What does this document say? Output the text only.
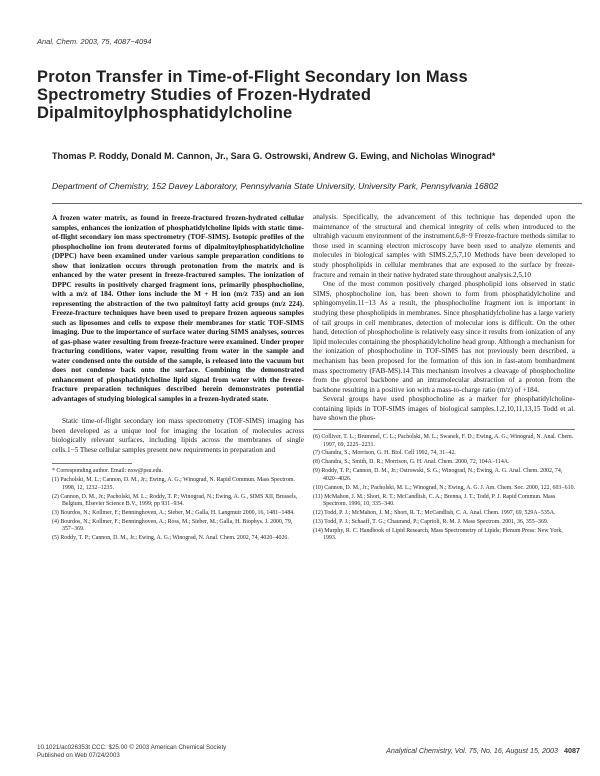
Anal. Chem. 2003, 75, 4087−4094
Proton Transfer in Time-of-Flight Secondary Ion Mass Spectrometry Studies of Frozen-Hydrated Dipalmitoylphosphatidylcholine
Thomas P. Roddy, Donald M. Cannon, Jr., Sara G. Ostrowski, Andrew G. Ewing, and Nicholas Winograd*
Department of Chemistry, 152 Davey Laboratory, Pennsylvania State University, University Park, Pennsylvania 16802

A frozen water matrix, as found in freeze-fractured frozen-hydrated cellular samples, enhances the ionization of phosphatidylcholine lipids with static time-of-flight secondary ion mass spectrometry (TOF-SIMS). Isotopic profiles of the phosphocholine ion from deuterated forms of dipalmitoylphosphatidylcholine (DPPC) have been examined under various sample preparation conditions to show that ionization occurs through protonation from the matrix and is enhanced by the water present in freeze-fractured samples. The ionization of DPPC results in positively charged fragment ions, primarily phosphocholine, with a m/z of 184. Other ions include the M + H ion (m/z 735) and an ion representing the abstraction of the two palmitoyl fatty acid groups (m/z 224). Freeze-fracture techniques have been used to prepare frozen aqueous samples such as liposomes and cells to expose their membranes for static TOF-SIMS imaging. Due to the importance of surface water during SIMS analyses, sources of gas-phase water resulting from freeze-fracture were examined. Under proper fracturing conditions, water vapor, resulting from water in the sample and water condensed onto the outside of the sample, is released into the vacuum but does not condense back onto the surface. Combining the demonstrated enhancement of phosphatidylcholine lipid signal from water with the freeze-fracture preparation techniques described herein demonstrates potential advantages of studying biological samples in a frozen-hydrated state.

Static time-of-flight secondary ion mass spectrometry (TOF-SIMS) imaging has been developed as a unique tool for imaging the location of molecules across biologically relevant surfaces, including lipids across the membranes of single cells.1−5 These cellular samples present new requirements in preparation and

* Corresponding author. Email: nxw@psu.edu.
(1) Pacholski, M. L.; Cannon, D. M., Jr.; Ewing, A. G.; Winograd, N. Rapid Commun. Mass Spectrom. 1998, 12, 1232−1235.
(2) Cannon, D. M., Jr.; Pacholski, M. L.; Roddy, T. P.; Winograd, N.; Ewing, A. G., SIMS XII, Brussels, Belgium, Elsevier Science B.V., 1999; pp 931−934.
(3) Bourdos, N.; Kollmer, F.; Benninghoven, A.; Sieber, M.; Galla, H. Langmuir 2000, 16, 1481−1484.
(4) Bourdos, N.; Kollmer, F.; Benninghoven, A.; Ross, M.; Sieber, M.; Galla, H. Biophys. J. 2000, 79, 357−369.
(5) Roddy, T. P.; Cannon, D. M., Jr.; Ewing, A. G.; Winograd, N. Anal. Chem. 2002, 74, 4020−4026.

analysis. Specifically, the advancement of this technique has depended upon the maintenance of the structural and chemical integrity of cells when introduced to the ultrahigh vacuum environment of the instrument.6,8−9 Freeze-fracture methods similar to those used in scanning electron microscopy have been used to analyze elements and molecules in biological samples with SIMS.2,5,7,10 Methods have been developed to study phospholipids in cellular membranes that are exposed to the surface by freeze-fracture and remain in their native hydrated state throughout analysis.2,5,10

One of the most common positively charged phospholipid ions observed in static SIMS, phosphocholine ion, has been shown to form from phosphatidylcholine and sphingomyelin.11−13 As a result, the phosphocholine fragment ion is important in studying these phospholipids in membranes. Since phosphatidylcholine has a large variety of tail groups in cell membranes, detection of molecular ions is difficult. On the other hand, detection of phosphocholine is relatively easy since it results from ionization of any lipid molecules containing the phosphatidylcholine head group. Although a mechanism for the ionization of phosphocholine in TOF-SIMS has not previously been described, a mechanism has been proposed for the formation of this ion in fast-atom bombardment mass spectrometry (FAB-MS).14 This mechanism involves a cleavage of phosphocholine from the glycerol backbone and an intramolecular abstraction of a proton from the backbone resulting in a positive ion with a mass-to-charge ratio (m/z) of +184.

Several groups have used phosphocholine as a marker for phosphatidylcholine-containing lipids in TOF-SIMS images of biological samples.1,2,10,11,13,15 Todd et al. have shown the phos-

(6) Colliver, T. L.; Brummel, C. L.; Pacholski, M. L.; Swanek, F. D.; Ewing, A. G.; Winograd, N. Anal. Chem. 1997, 69, 2225−2231.
(7) Chandra, S.; Morrison, G. H. Biol. Cell 1992, 74, 31−42.
(8) Chandra, S.; Smith, D. R.; Morrison, G. H. Anal. Chem. 2000, 72, 104A−114A.
(9) Roddy, T. P.; Cannon, D. M., Jr.; Ostrowski, S. G.; Winograd, N.; Ewing, A. G. Anal. Chem. 2002, 74, 4020−4026.
(10) Cannon, D. M., Jr.; Pacholski, M. L.; Winograd, N.; Ewing, A. G. J. Am. Chem. Soc. 2000, 122, 603−610.
(11) McMahon, J. M.; Short, R. T.; McCandlish, C. A.; Brenna, J. T.; Todd, P. J. Rapid Commun. Mass Spectrom. 1996, 10, 335−340.
(12) Todd, P. J.; McMahon, J. M.; Short, R. T.; McCandlish, C. A. Anal. Chem. 1997, 69, 529A−535A.
(13) Todd, P. J.; Schaaff, T. G.; Chaurand, P.; Caprioli, R. M. J. Mass Spectrom. 2001, 36, 355−369.
(14) Murphy, R. C. Handbook of Lipid Research, Mass Spectrometry of Lipids; Plenum Press: New York, 1993.
10.1021/ac026353t CCC: $25.00 © 2003 American Chemical Society
Published on Web 07/24/2003
Analytical Chemistry, Vol. 75, No. 16, August 15, 2003 4087
